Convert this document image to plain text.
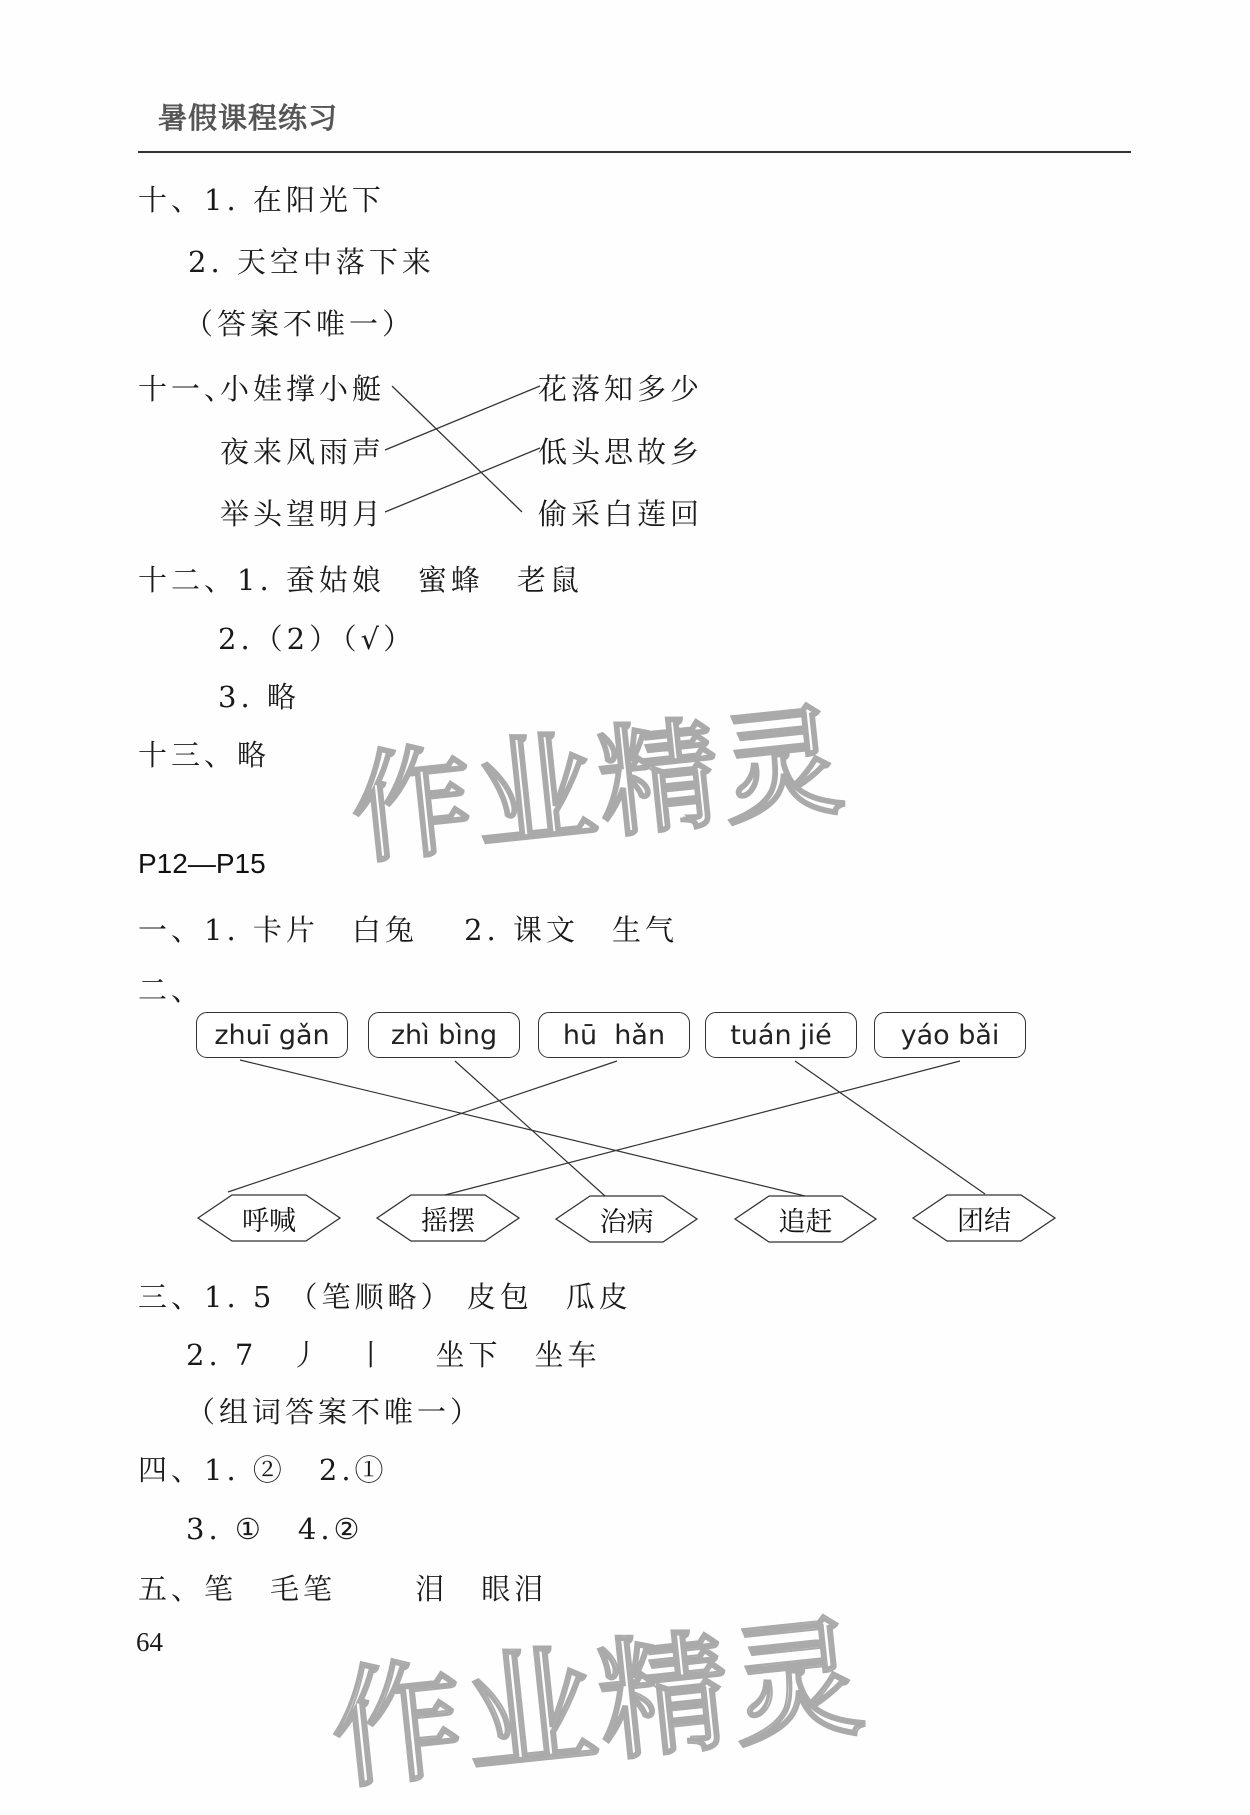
暑假课程练习
十、1. 在阳光下
2. 天空中落下来
（答案不唯一）
十一、
小娃撑小艇
夜来风雨声
举头望明月
花落知多少
低头思故乡
偷采白莲回
十二、1. 蚕姑娘　蜜蜂　老鼠
2.（2）（√）
3. 略
十三、略
P12—P15
一、1. 卡片　白兔　 2. 课文　生气
二、
zhuī gǎn	zhì bìng	hū  hǎn	tuán jié	yáo bǎi
呼喊	摇摆	治病	追赶	团结
三、1. 5 （笔顺略） 皮包　瓜皮
2. 7　丿　丨　 坐下　坐车
（组词答案不唯一）
四、1. ②　2.①
3. ①　4.②
五、笔　毛笔　　 泪　眼泪
64
作业精灵
作业精灵
